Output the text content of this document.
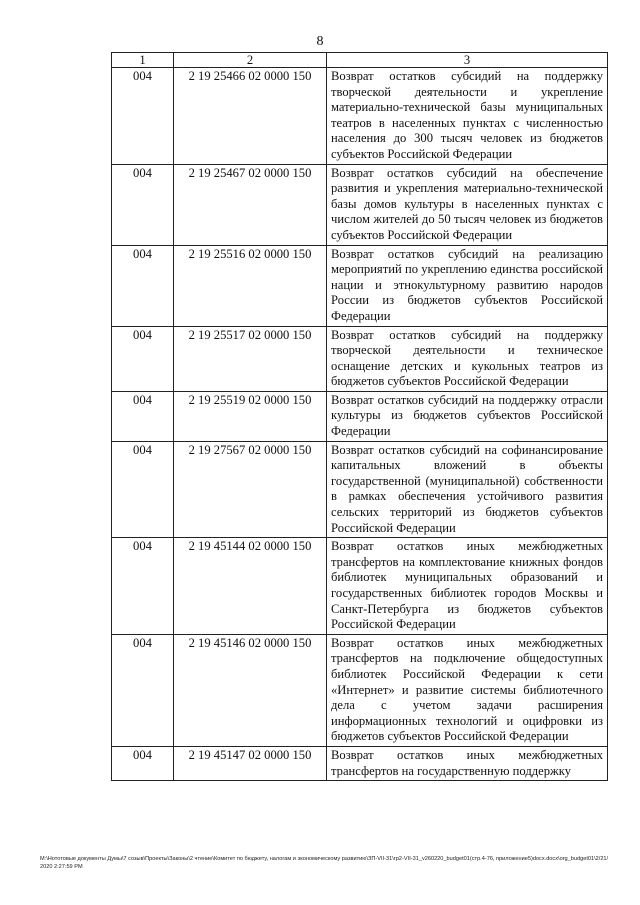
8
1	2	3
004	2 19 25466 02 0000 150	Возврат остатков субсидий на поддержку творческой деятельности и укрепление материально-технической базы муниципальных театров в населенных пунктах с численностью населения до 300 тысяч человек из бюджетов субъектов Российской Федерации
004	2 19 25467 02 0000 150	Возврат остатков субсидий на обеспечение развития и укрепления материально-технической базы домов культуры в населенных пунктах с числом жителей до 50 тысяч человек из бюджетов субъектов Российской Федерации
004	2 19 25516 02 0000 150	Возврат остатков субсидий на реализацию мероприятий по укреплению единства российской нации и этнокультурному развитию народов России из бюджетов субъектов Российской Федерации
004	2 19 25517 02 0000 150	Возврат остатков субсидий на поддержку творческой деятельности и техническое оснащение детских и кукольных театров из бюджетов субъектов Российской Федерации
004	2 19 25519 02 0000 150	Возврат остатков субсидий на поддержку отрасли культуры из бюджетов субъектов Российской Федерации
004	2 19 27567 02 0000 150	Возврат остатков субсидий на софинансирование капитальных вложений в объекты государственной (муниципальной) собственности в рамках обеспечения устойчивого развития сельских территорий из бюджетов субъектов Российской Федерации
004	2 19 45144 02 0000 150	Возврат остатков иных межбюджетных трансфертов на комплектование книжных фондов библиотек муниципальных образований и государственных библиотек городов Москвы и Санкт-Петербурга из бюджетов субъектов Российской Федерации
004	2 19 45146 02 0000 150	Возврат остатков иных межбюджетных трансфертов на подключение общедоступных библиотек Российской Федерации к сети «Интернет» и развитие системы библиотечного дела с учетом задачи расширения информационных технологий и оцифровки из бюджетов субъектов Российской Федерации
004	2 19 45147 02 0000 150	Возврат остатков иных межбюджетных трансфертов на государственную поддержку
М:\Нототовые документы Думы\7 созыв\Проекты\Законы\2 чтение\Комитет по бюджету, налогам и экономическому развитию\ЗП-VII-31\гр2-VII-31_v260220_budget01(стр.4-76, приложение5)docx.docx\org_budget01\2/21/2020 2:27:59 PM
